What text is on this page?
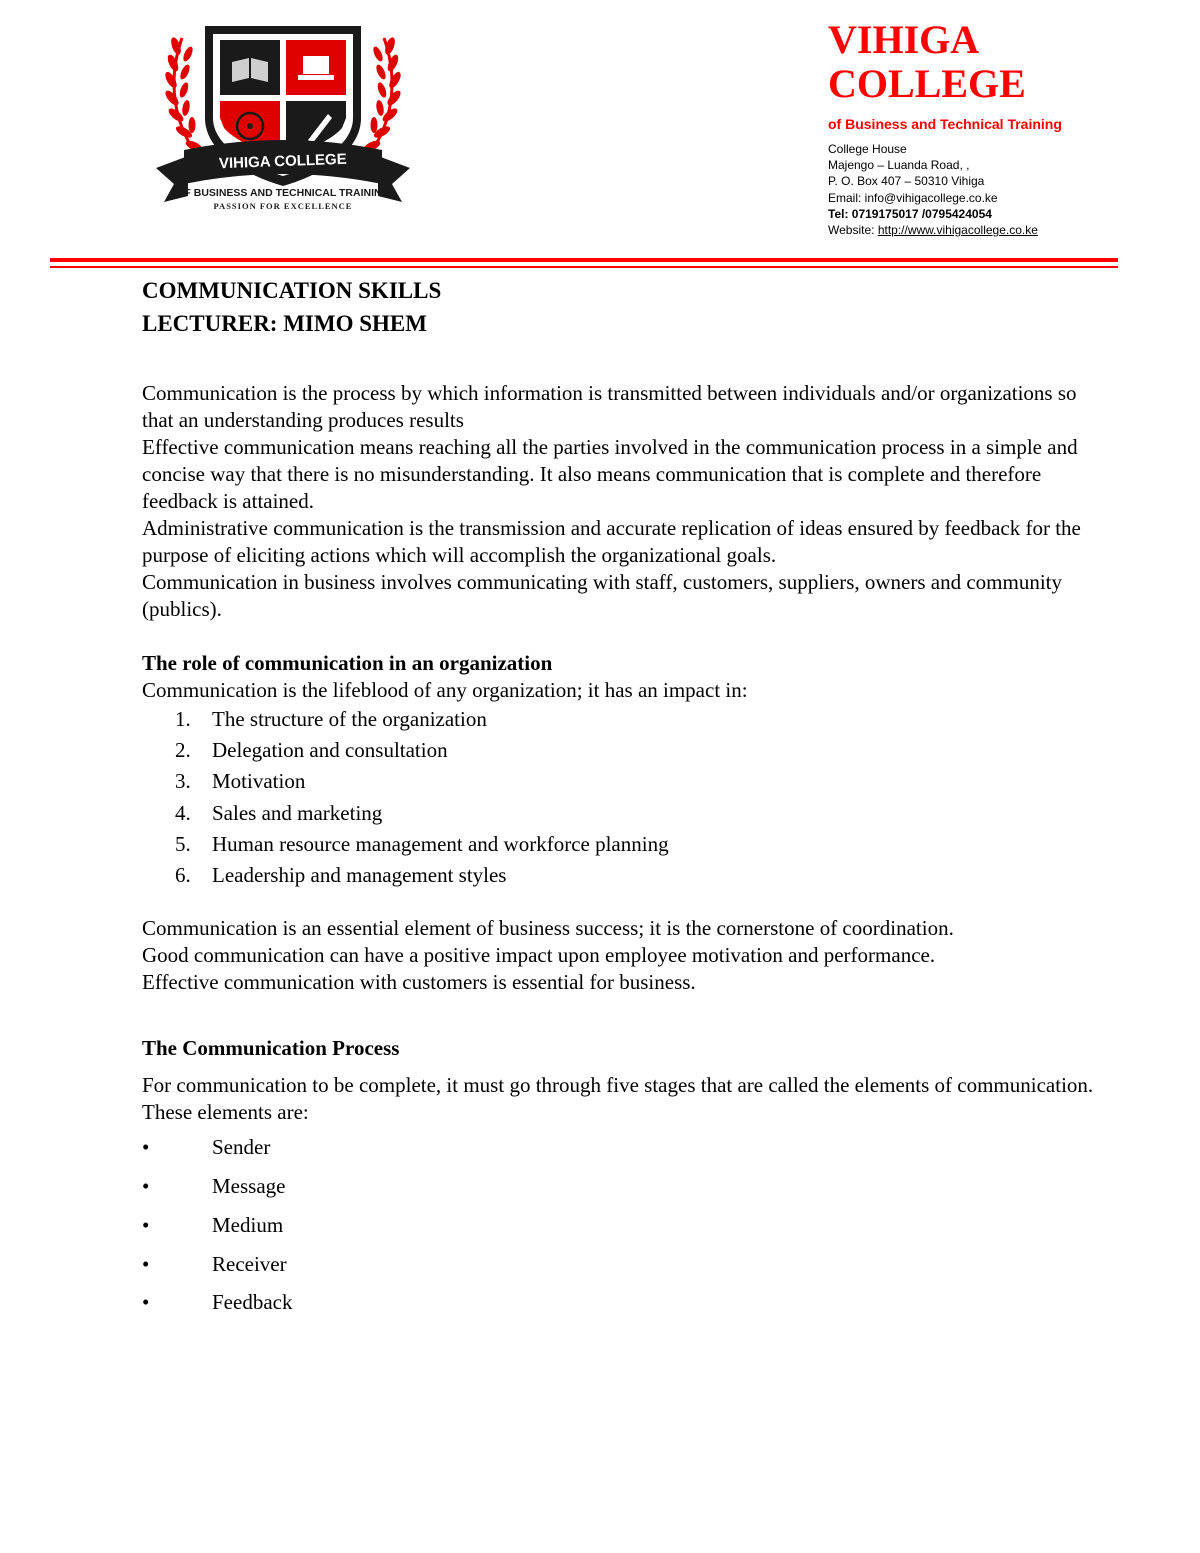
VIHIGA COLLEGE
OF BUSINESS AND TECHNICAL TRAINING
PASSION FOR EXCELLENCE
VIHIGA
COLLEGE
of Business and Technical Training
College House
Majengo – Luanda Road, ,
P. O. Box 407 – 50310 Vihiga
Email: info@vihigacollege.co.ke
Tel: 0719175017 /0795424054
Website: http://www.vihigacollege.co.ke

COMMUNICATION SKILLS

LECTURER: MIMO SHEM

Communication is the process by which information is transmitted between individuals and/or organizations so that an understanding produces results

Effective communication means reaching all the parties involved in the communication process in a simple and concise way that there is no misunderstanding. It also means communication that is complete and therefore feedback is attained.

Administrative communication is the transmission and accurate replication of ideas ensured by feedback for the purpose of eliciting actions which will accomplish the organizational goals.

Communication in business involves communicating with staff, customers, suppliers, owners and community (publics).

The role of communication in an organization

Communication is the lifeblood of any organization; it has an impact in:

1. The structure of the organization
2. Delegation and consultation
3. Motivation
4. Sales and marketing
5. Human resource management and workforce planning
6. Leadership and management styles

Communication is an essential element of business success; it is the cornerstone of coordination.

Good communication can have a positive impact upon employee motivation and performance.

Effective communication with customers is essential for business.

The Communication Process

For communication to be complete, it must go through five stages that are called the elements of communication. These elements are:

•	Sender
•	Message
•	Medium
•	Receiver
•	Feedback
